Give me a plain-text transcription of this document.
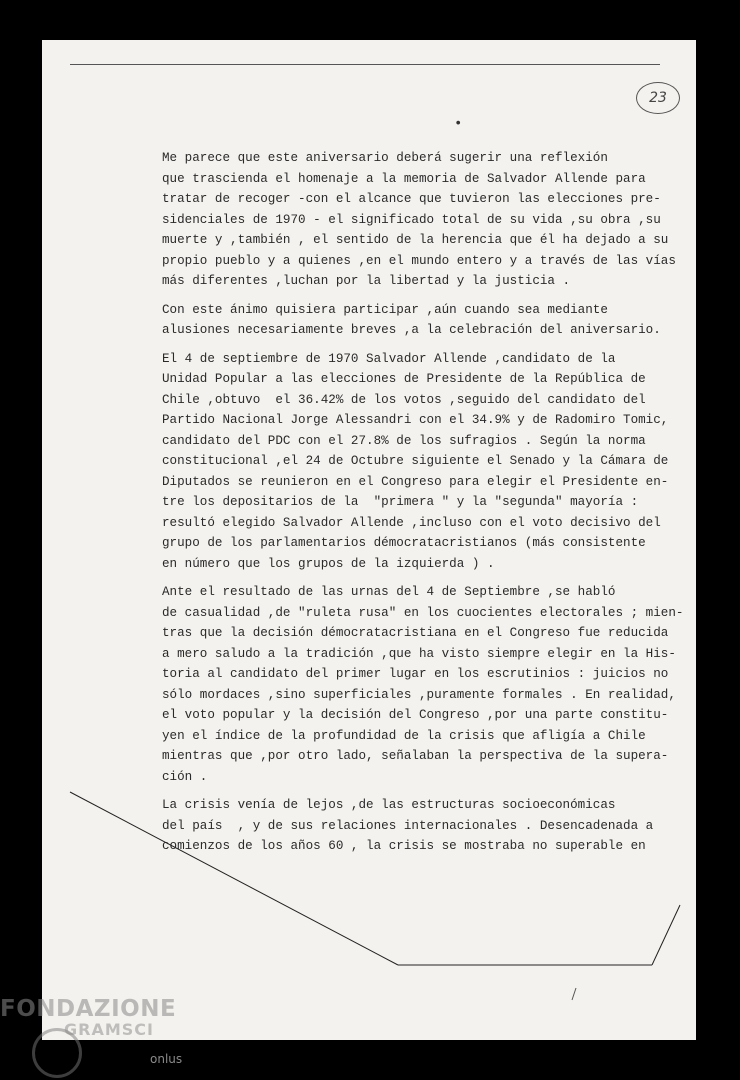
23
•

Me parece que este aniversario deberá sugerir una reflexión
que trascienda el homenaje a la memoria de Salvador Allende para
tratar de recoger -con el alcance que tuvieron las elecciones pre-
sidenciales de 1970 - el significado total de su vida ,su obra ,su
muerte y ,también , el sentido de la herencia que él ha dejado a su
propio pueblo y a quienes ,en el mundo entero y a través de las vías
más diferentes ,luchan por la libertad y la justicia .

Con este ánimo quisiera participar ,aún cuando sea mediante
alusiones necesariamente breves ,a la celebración del aniversario.

El 4 de septiembre de 1970 Salvador Allende ,candidato de la
Unidad Popular a las elecciones de Presidente de la República de
Chile ,obtuvo  el 36.42% de los votos ,seguido del candidato del
Partido Nacional Jorge Alessandri con el 34.9% y de Radomiro Tomic,
candidato del PDC con el 27.8% de los sufragios . Según la norma
constitucional ,el 24 de Octubre siguiente el Senado y la Cámara de
Diputados se reunieron en el Congreso para elegir el Presidente en-
tre los depositarios de la  "primera " y la "segunda" mayoría :
resultó elegido Salvador Allende ,incluso con el voto decisivo del
grupo de los parlamentarios démocratacristianos (más consistente
en número que los grupos de la izquierda ) .

Ante el resultado de las urnas del 4 de Septiembre ,se habló
de casualidad ,de "ruleta rusa" en los cuocientes electorales ; mien-
tras que la decisión démocratacristiana en el Congreso fue reducida
a mero saludo a la tradición ,que ha visto siempre elegir en la His-
toria al candidato del primer lugar en los escrutinios : juicios no
sólo mordaces ,sino superficiales ,puramente formales . En realidad,
el voto popular y la decisión del Congreso ,por una parte constitu-
yen el índice de la profundidad de la crisis que afligía a Chile
mientras que ,por otro lado, señalaban la perspectiva de la supera-
ción .

La crisis venía de lejos ,de las estructuras socioeconómicas
del país  , y de sus relaciones internacionales . Desencadenada a
comienzos de los años 60 , la crisis se mostraba no superable en

FONDAZIONE
GRAMSCI
onlus
